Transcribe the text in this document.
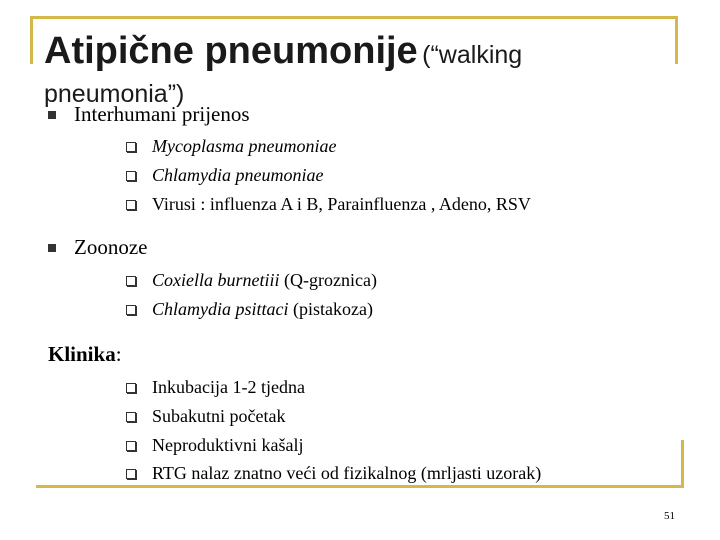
Atipične pneumonije (“walking
pneumonia”)
Interhumani prijenos
Mycoplasma pneumoniae
Chlamydia pneumoniae
Virusi : influenza A i B, Parainfluenza , Adeno, RSV
Zoonoze
Coxiella burnetiii (Q-groznica)
Chlamydia psittaci (pistakoza)
Klinika:
Inkubacija 1-2 tjedna
Subakutni početak
Neproduktivni kašalj
RTG nalaz znatno veći od fizikalnog (mrljasti uzorak)
51
